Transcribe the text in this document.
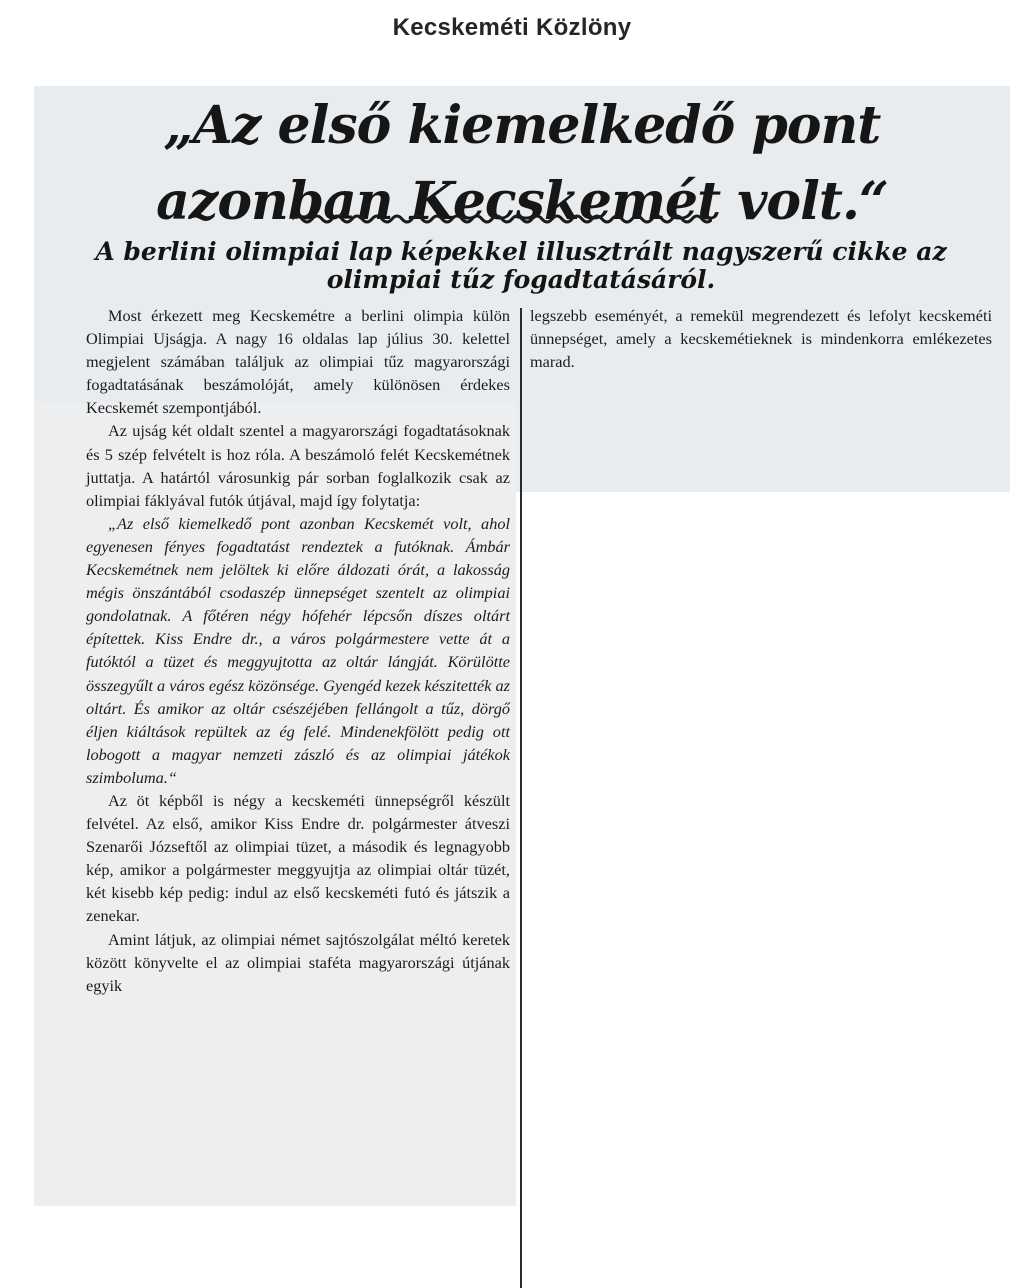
Kecskeméti Közlöny
„Az első kiemelkedő pont
azonban Kecskemét volt.“
A berlini olimpiai lap képekkel illusztrált nagyszerű cikke az olimpiai tűz fogadtatásáról.

Most érkezett meg Kecskemétre a berlini olimpia külön Olimpiai Ujságja. A nagy 16 oldalas lap július 30. kelettel megjelent számában találjuk az olimpiai tűz magyarországi fogadtatásának beszámolóját, amely különösen érdekes Kecskemét szempontjából.

Az ujság két oldalt szentel a magyarországi fogadtatásoknak és 5 szép felvételt is hoz róla. A beszámoló felét Kecskemétnek juttatja. A határtól városunkig pár sorban foglalkozik csak az olimpiai fáklyával futók útjával, majd így folytatja:

„Az első kiemelkedő pont azonban Kecskemét volt, ahol egyenesen fényes fogadtatást rendeztek a futóknak. Ámbár Kecskemétnek nem jelöltek ki előre áldozati órát, a lakosság mégis önszántából csodaszép ünnepséget szentelt az olimpiai gondolatnak. A főtéren négy hófehér lépcsőn díszes oltárt építettek. Kiss Endre dr., a város polgármestere vette át a futóktól a tüzet és meggyujtotta az oltár lángját. Körülötte összegyűlt a város egész közönsége. Gyengéd kezek készitették az oltárt. És amikor az oltár csészéjében fellángolt a tűz, dörgő éljen kiáltások repültek az ég felé. Mindenekfölött pedig ott lobogott a magyar nemzeti zászló és az olimpiai játékok szimboluma.“

Az öt képből is négy a kecskeméti ünnepségről készült felvétel. Az első, amikor Kiss Endre dr. polgármester átveszi Szenarői Józseftől az olimpiai tüzet, a második és legnagyobb kép, amikor a polgármester meggyujtja az olimpiai oltár tüzét, két kisebb kép pedig: indul az első kecskeméti futó és játszik a zenekar.

Amint látjuk, az olimpiai német sajtószolgálat méltó keretek között könyvelte el az olimpiai staféta magyarországi útjának egyik

legszebb eseményét, a remekül megrendezett és lefolyt kecskeméti ünnepséget, amely a kecskemétieknek is mindenkorra emlékezetes marad.
